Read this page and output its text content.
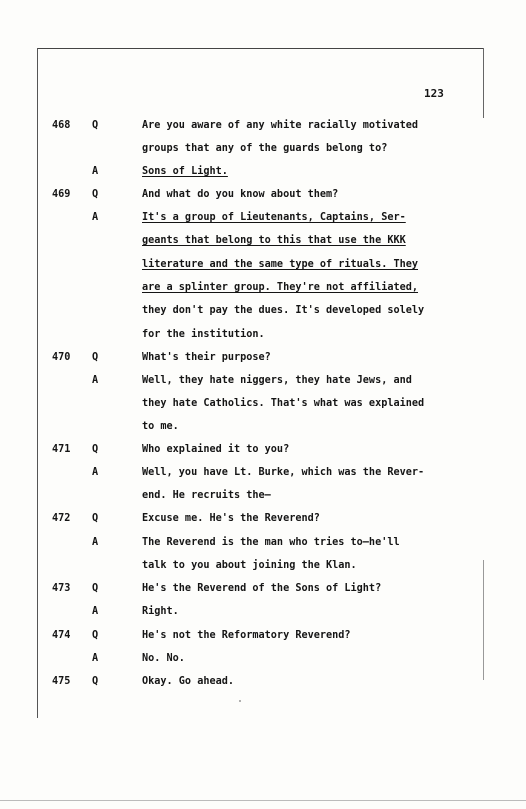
123
468 Q	Are you aware of any white racially motivated
groups that any of the guards belong to?
A	Sons of Light.
469 Q	And what do you know about them?
A	It's a group of Lieutenants, Captains, Ser-
geants that belong to this that use the KKK
literature and the same type of rituals. They
are a splinter group. They're not affiliated,
they don't pay the dues. It's developed solely
for the institution.
470 Q	What's their purpose?
A	Well, they hate niggers, they hate Jews, and
they hate Catholics. That's what was explained
to me.
471 Q	Who explained it to you?
A	Well, you have Lt. Burke, which was the Rever-
end. He recruits the—
472 Q	Excuse me. He's the Reverend?
A	The Reverend is the man who tries to—he'll
talk to you about joining the Klan.
473 Q	He's the Reverend of the Sons of Light?
A	Right.
474 Q	He's not the Reformatory Reverend?
A	No. No.
475 Q	Okay. Go ahead.
